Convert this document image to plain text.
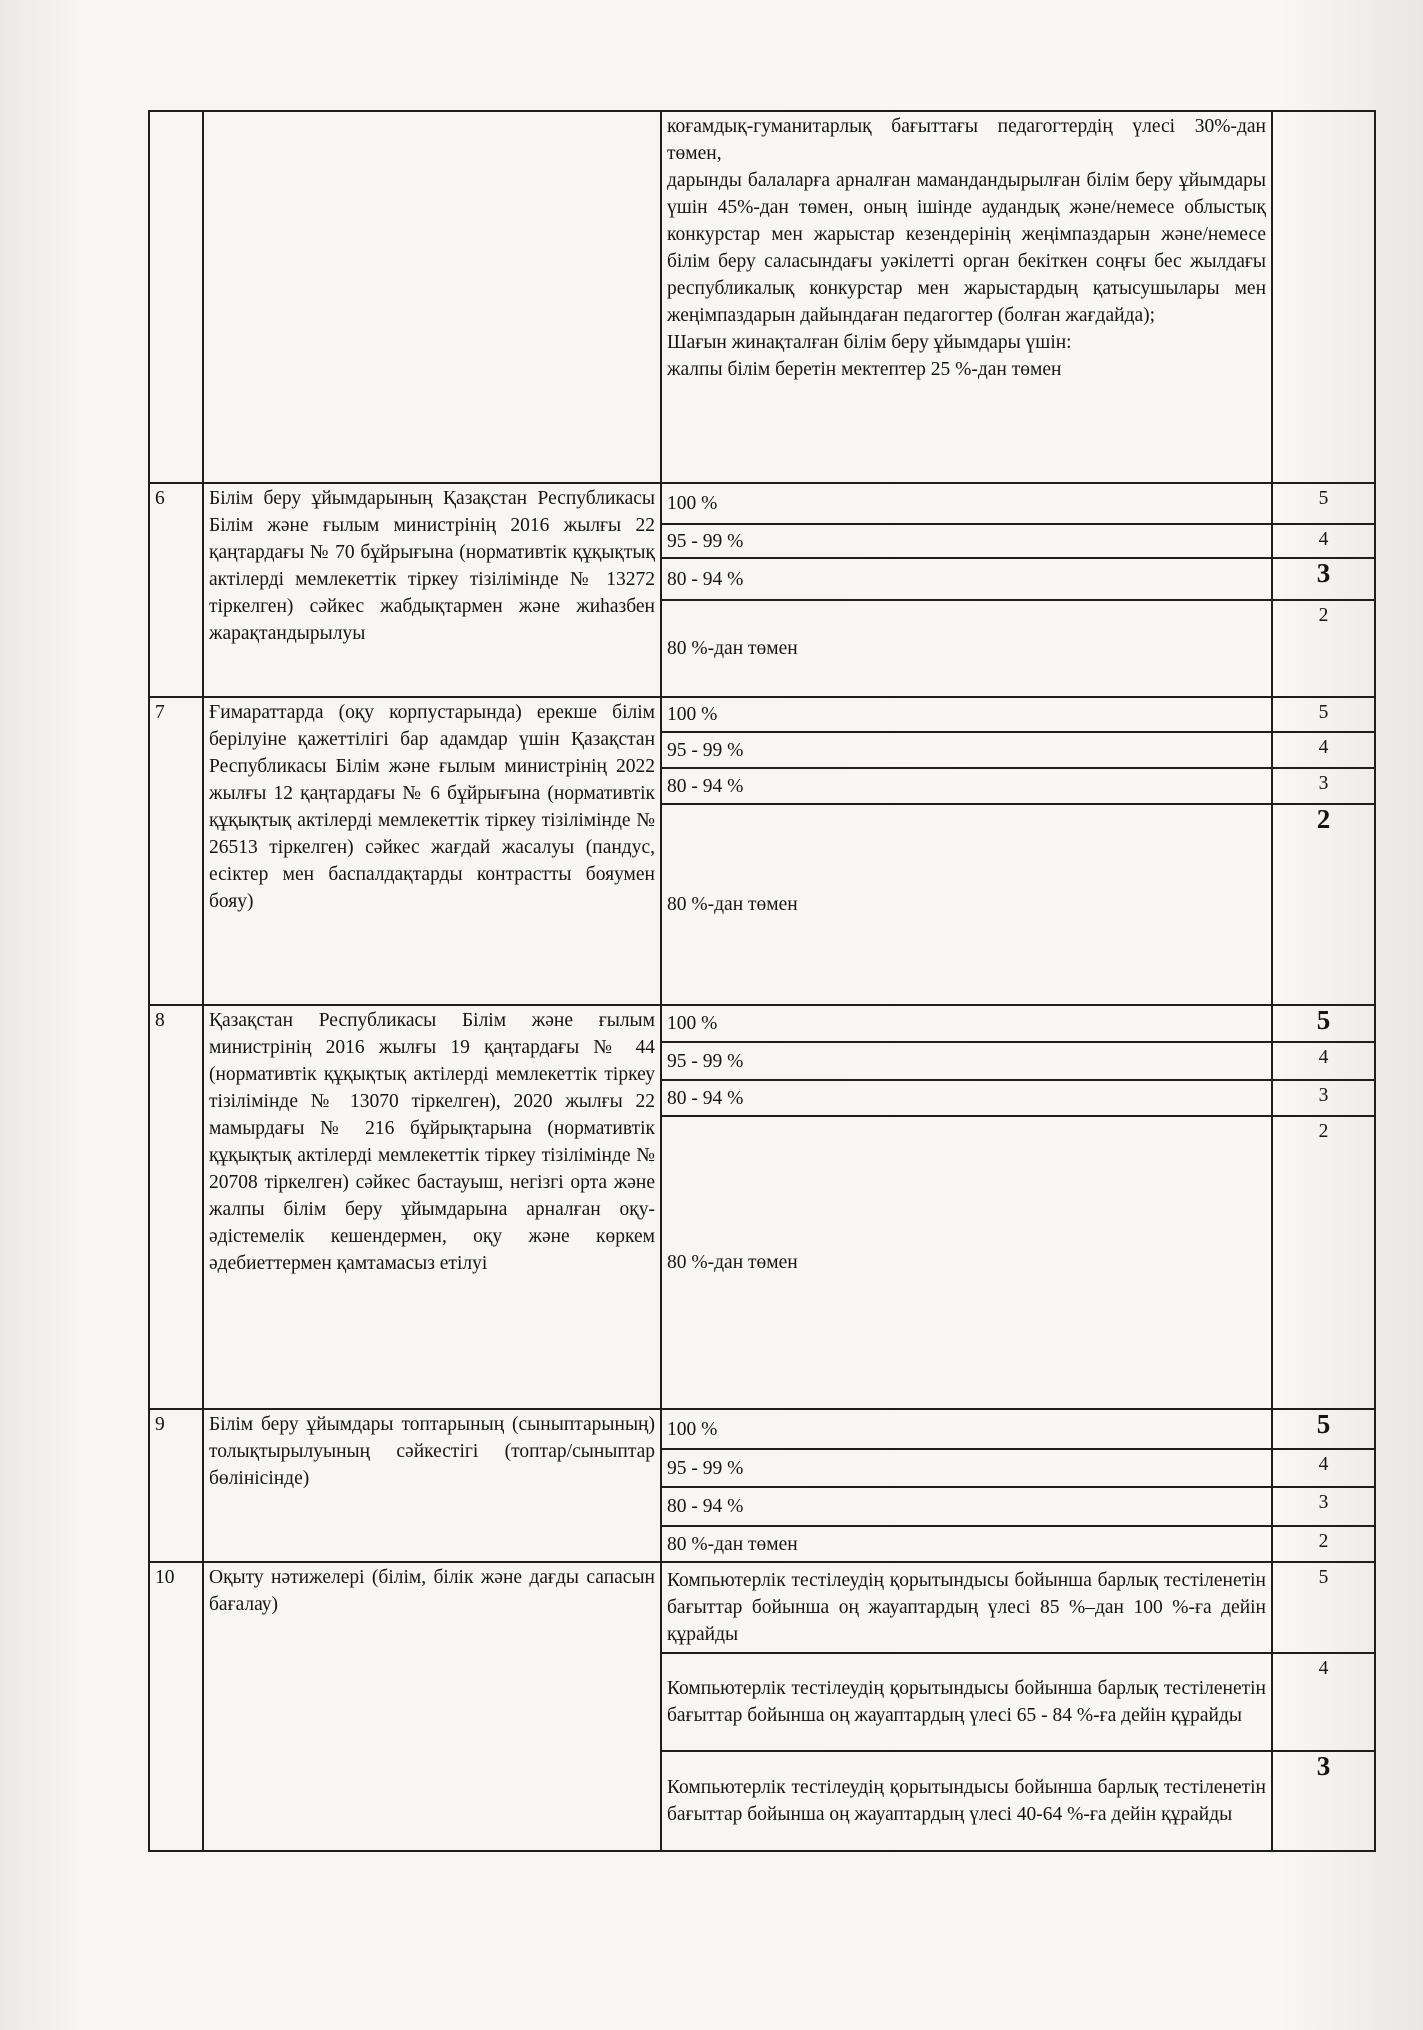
		коғамдық-гуманитарлық бағыттағы педагогтердің үлесі 30%-дан төмен,
дарынды балаларға арналған мамандандырылған білім беру ұйымдары үшін 45%-дан төмен, оның ішінде аудандық және/немесе облыстық конкурстар мен жарыстар кезендерінің жеңімпаздарын және/немесе білім беру саласындағы уәкілетті орган бекіткен соңғы бес жылдағы республикалық конкурстар мен жарыстардың қатысушылары мен жеңімпаздарын дайындаған педагогтер (болған жағдайда);
Шағын жинақталған білім беру ұйымдары үшін:
жалпы білім беретін мектептер 25 %-дан төмен	

6	Білім беру ұйымдарының Қазақстан Республикасы Білім және ғылым министрінің 2016 жылғы 22 қаңтардағы № 70 бұйрығына (нормативтік құқықтық актілерді мемлекеттік тіркеу тізілімінде № 13272 тіркелген) сәйкес жабдықтармен және жиһазбен жарақтандырылуы	100 %	5
		95 - 99 %	4
		80 - 94 %	3
		80 %-дан төмен	2
7	Ғимараттарда (оқу корпустарында) ерекше білім берілуіне қажеттілігі бар адамдар үшін Қазақстан Республикасы Білім және ғылым министрінің 2022 жылғы 12 қаңтардағы № 6 бұйрығына (нормативтік құқықтық актілерді мемлекеттік тіркеу тізілімінде № 26513 тіркелген) сәйкес жағдай жасалуы (пандус, есіктер мен баспалдақтарды контрастты бояумен бояу)	100 %	5
		95 - 99 %	4
		80 - 94 %	3
		80 %-дан төмен	2
8	Қазақстан Республикасы Білім және ғылым министрінің 2016 жылғы 19 қаңтардағы № 44 (нормативтік құқықтық актілерді мемлекеттік тіркеу тізілімінде № 13070 тіркелген), 2020 жылғы 22 мамырдағы № 216 бұйрықтарына (нормативтік құқықтық актілерді мемлекеттік тіркеу тізілімінде № 20708 тіркелген) сәйкес бастауыш, негізгі орта және жалпы білім беру ұйымдарына арналған оқу-әдістемелік кешендермен, оқу және көркем әдебиеттермен қамтамасыз етілуі	100 %	5
		95 - 99 %	4
		80 - 94 %	3
		80 %-дан төмен	2
9	Білім беру ұйымдары топтарының (сыныптарының) толықтырылуының сәйкестігі (топтар/сыныптар бөлінісінде)	100 %	5
		95 - 99 %	4
		80 - 94 %	3
		80 %-дан төмен	2
10	Оқыту нәтижелері (білім, білік және дағды сапасын бағалау)	Компьютерлік тестілеудің қорытындысы бойынша барлық тестіленетін бағыттар бойынша оң жауаптардың үлесі 85 %–дан 100 %-ға дейін құрайды	5
		Компьютерлік тестілеудің қорытындысы бойынша барлық тестіленетін бағыттар бойынша оң жауаптардың үлесі 65 - 84 %-ға дейін құрайды	4
		Компьютерлік тестілеудің қорытындысы бойынша барлық тестіленетін бағыттар бойынша оң жауаптардың үлесі 40-64 %-ға дейін құрайды	3
